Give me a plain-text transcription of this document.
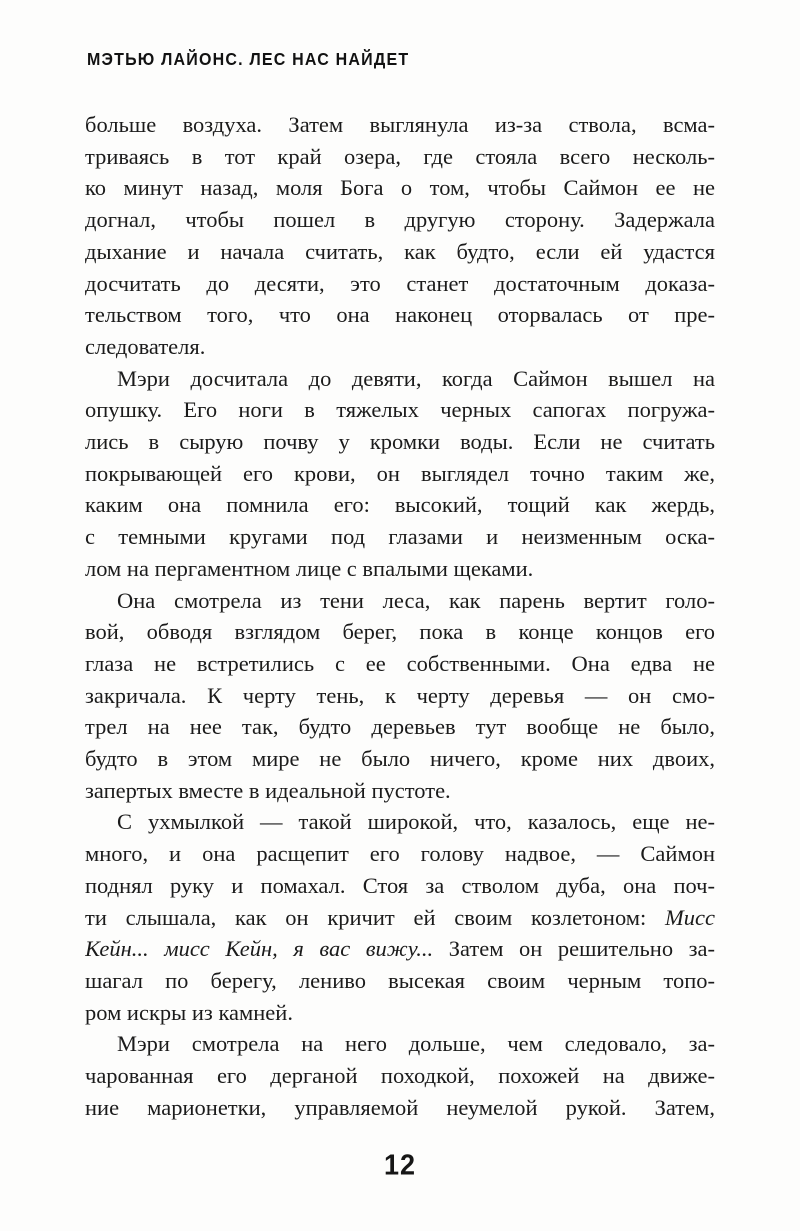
МЭТЬЮ ЛАЙОНС. ЛЕС НАС НАЙДЕТ
больше воздуха. Затем выглянула из-за ствола, всма-
триваясь в тот край озера, где стояла всего несколь-
ко минут назад, моля Бога о том, чтобы Саймон ее не
догнал, чтобы пошел в другую сторону. Задержала
дыхание и начала считать, как будто, если ей удастся
досчитать до десяти, это станет достаточным доказа-
тельством того, что она наконец оторвалась от пре-
следователя.
Мэри досчитала до девяти, когда Саймон вышел на
опушку. Его ноги в тяжелых черных сапогах погружа-
лись в сырую почву у кромки воды. Если не считать
покрывающей его крови, он выглядел точно таким же,
каким она помнила его: высокий, тощий как жердь,
с темными кругами под глазами и неизменным оска-
лом на пергаментном лице с впалыми щеками.
Она смотрела из тени леса, как парень вертит голо-
вой, обводя взглядом берег, пока в конце концов его
глаза не встретились с ее собственными. Она едва не
закричала. К черту тень, к черту деревья — он смо-
трел на нее так, будто деревьев тут вообще не было,
будто в этом мире не было ничего, кроме них двоих,
запертых вместе в идеальной пустоте.
С ухмылкой — такой широкой, что, казалось, еще не-
много, и она расщепит его голову надвое, — Саймон
поднял руку и помахал. Стоя за стволом дуба, она поч-
ти слышала, как он кричит ей своим козлетоном: Мисс
Кейн... мисс Кейн, я вас вижу... Затем он решительно за-
шагал по берегу, лениво высекая своим черным топо-
ром искры из камней.
Мэри смотрела на него дольше, чем следовало, за-
чарованная его дерганой походкой, похожей на движе-
ние марионетки, управляемой неумелой рукой. Затем,
12
